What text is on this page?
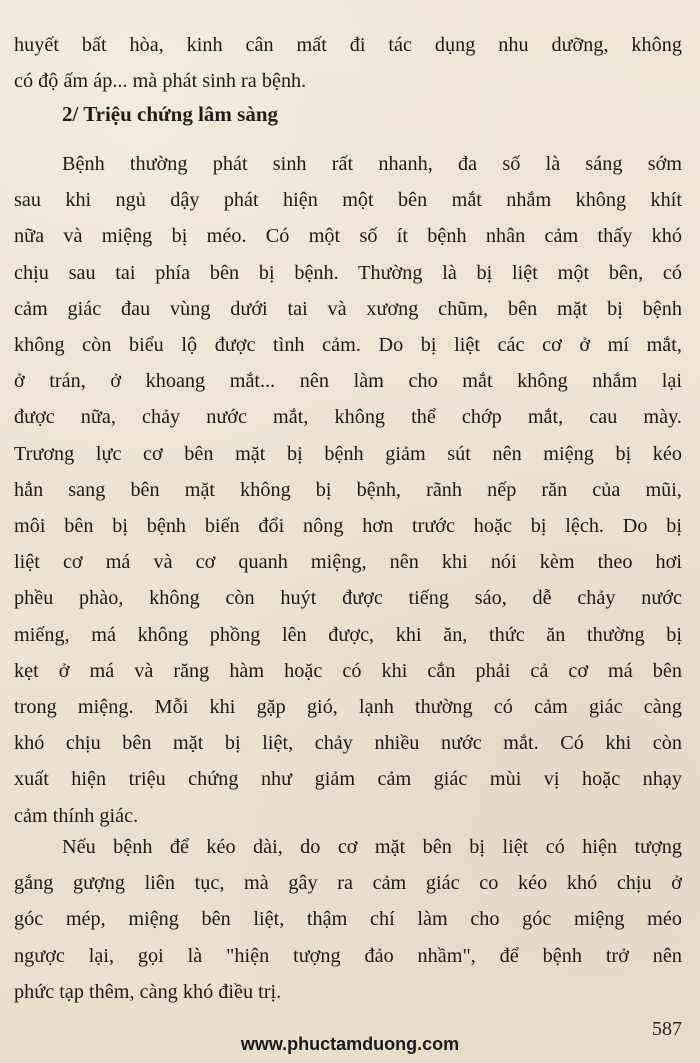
huyết bất hòa, kinh cân mất đi tác dụng nhu dưỡng, không

có độ ấm áp... mà phát sinh ra bệnh.

2/ Triệu chứng lâm sàng

Bệnh thường phát sinh rất nhanh, đa số là sáng sớm

sau khi ngủ dậy phát hiện một bên mắt nhắm không khít

nữa và miệng bị méo. Có một số ít bệnh nhân cảm thấy khó

chịu sau tai phía bên bị bệnh. Thường là bị liệt một bên, có

cảm giác đau vùng dưới tai và xương chũm, bên mặt bị bệnh

không còn biểu lộ được tình cảm. Do bị liệt các cơ ở mí mắt,

ở trán, ở khoang mắt... nên làm cho mắt không nhắm lại

được nữa, chảy nước mắt, không thể chớp mắt, cau mày.

Trương lực cơ bên mặt bị bệnh giảm sút nên miệng bị kéo

hẳn sang bên mặt không bị bệnh, rãnh nếp răn của mũi,

môi bên bị bệnh biến đổi nông hơn trước hoặc bị lệch. Do bị

liệt cơ má và cơ quanh miệng, nên khi nói kèm theo hơi

phều phào, không còn huýt được tiếng sáo, dễ chảy nước

miếng, má không phồng lên được, khi ăn, thức ăn thường bị

kẹt ở má và răng hàm hoặc có khi cắn phải cả cơ má bên

trong miệng. Mỗi khi gặp gió, lạnh thường có cảm giác càng

khó chịu bên mặt bị liệt, chảy nhiều nước mắt. Có khi còn

xuất hiện triệu chứng như giảm cảm giác mùi vị hoặc nhạy

cảm thính giác.

Nếu bệnh để kéo dài, do cơ mặt bên bị liệt có hiện tượng

gắng gượng liên tục, mà gây ra cảm giác co kéo khó chịu ở

góc mép, miệng bên liệt, thậm chí làm cho góc miệng méo

ngược lại, gọi là "hiện tượng đảo nhầm", để bệnh trở nên

phức tạp thêm, càng khó điều trị.

www.phuctamduong.com
587
